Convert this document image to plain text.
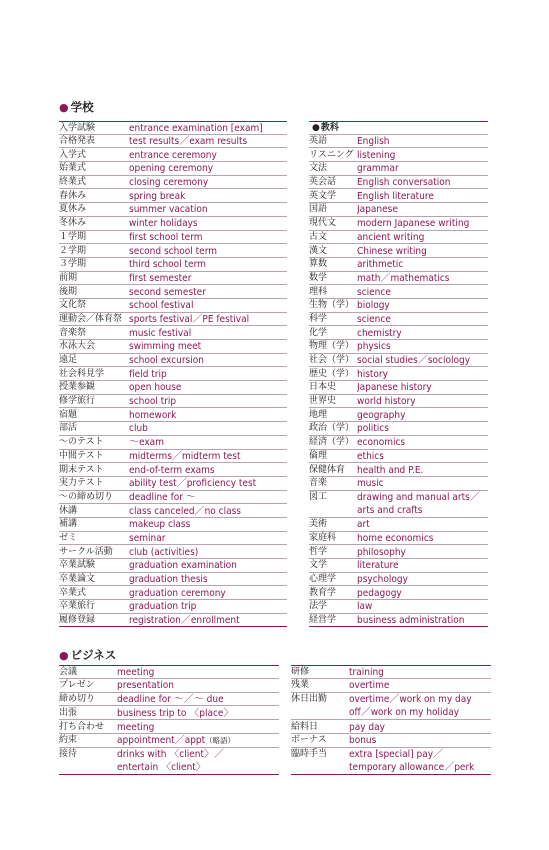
● 学校
入学試験	entrance examination [exam]
合格発表	test results／exam results
入学式	entrance ceremony
始業式	opening ceremony
終業式	closing ceremony
春休み	spring break
夏休み	summer vacation
冬休み	winter holidays
１学期	first school term
２学期	second school term
３学期	third school term
前期	first semester
後期	second semester
文化祭	school festival
運動会／体育祭 sports festival／PE festival
音楽祭	music festival
水泳大会	swimming meet
遠足	school excursion
社会科見学	field trip
授業参観	open house
修学旅行	school trip
宿題	homework
部活	club
～のテスト	～exam
中間テスト	midterms／midterm test
期末テスト	end-of-term exams
実力テスト	ability test／proficiency test
～の締め切り	deadline for ～
休講	class canceled／no class
補講	makeup class
ゼミ	seminar
サークル活動	club (activities)
卒業試験	graduation examination
卒業論文	graduation thesis
卒業式	graduation ceremony
卒業旅行	graduation trip
履修登録	registration／enrollment
●教科
英語	English
リスニング listening
文法	grammar
英会話	English conversation
英文学	English literature
国語	Japanese
現代文	modern Japanese writing
古文	ancient writing
漢文	Chinese writing
算数	arithmetic
数学	math／mathematics
理科	science
生物（学） biology
科学	science
化学	chemistry
物理（学） physics
社会（学） social studies／sociology
歴史（学） history
日本史	Japanese history
世界史	world history
地理	geography
政治（学） politics
経済（学） economics
倫理	ethics
保健体育	health and P.E.
音楽	music
図工	drawing and manual arts／
arts and crafts
美術	art
家庭科	home economics
哲学	philosophy
文学	literature
心理学	psychology
教育学	pedagogy
法学	law
経営学	business administration
● ビジネス
会議	meeting
プレゼン	presentation
締め切り	deadline for ～／～ due
出張	business trip to 〈place〉
打ち合わせ	meeting
約束	appointment／appt（略語）
接待	drinks with 〈client〉／
entertain 〈client〉
研修	training
残業	overtime
休日出勤	overtime／work on my day
off／work on my holiday
給料日	pay day
ボーナス	bonus
臨時手当	extra [special] pay／
temporary allowance／perk
